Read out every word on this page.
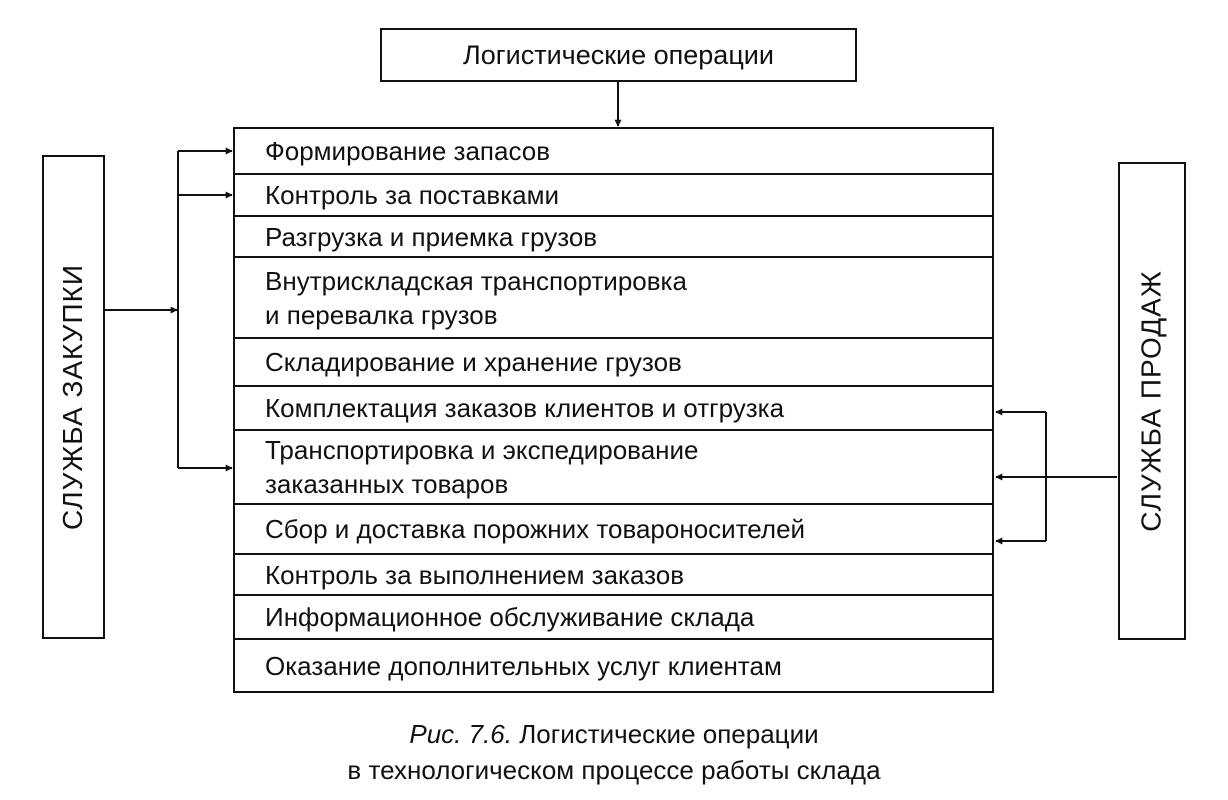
Логистические операции
СЛУЖБА ЗАКУПКИ	СЛУЖБА ПРОДАЖ
Формирование запасов
Контроль за поставками
Разгрузка и приемка грузов
Внутрискладская транспортировка
и перевалка грузов
Складирование и хранение грузов
Комплектация заказов клиентов и отгрузка
Транспортировка и экспедирование
заказанных товаров
Сбор и доставка порожних товароносителей
Контроль за выполнением заказов
Информационное обслуживание склада
Оказание дополнительных услуг клиентам
Рис. 7.6. Логистические операции
в технологическом процессе работы склада
